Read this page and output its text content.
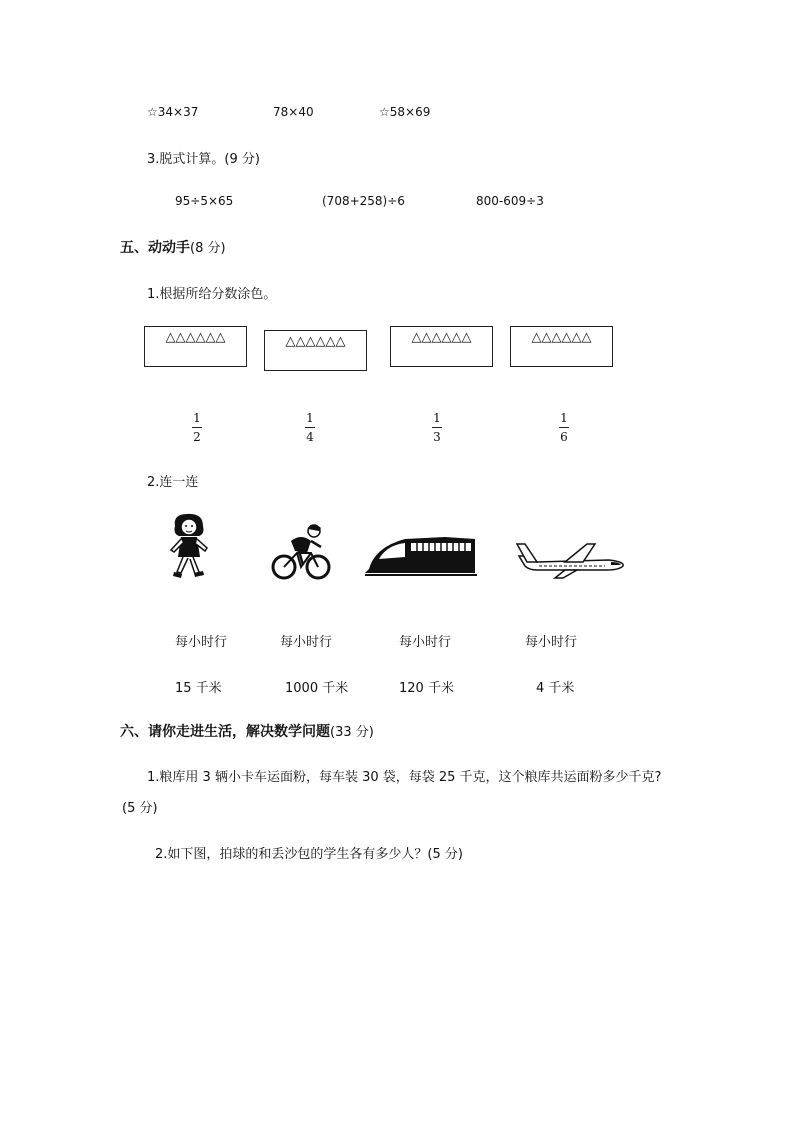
☆34×37	78×40	☆58×69
3.脱式计算。(9 分)
95÷5×65	(708+258)÷6	800-609÷3
五、动动手(8 分)
1.根据所给分数涂色。
△△△△△△	△△△△△△	△△△△△△	△△△△△△
1
2
1
4
1
3
1
6
2.连一连
每小时行	每小时行	每小时行	每小时行
15 千米	1000 千米	120 千米	4 千米
六、请你走进生活，解决数学问题(33 分)
1.粮库用 3 辆小卡车运面粉，每车装 30 袋，每袋 25 千克，这个粮库共运面粉多少千克?
(5 分)
2.如下图，拍球的和丢沙包的学生各有多少人？(5 分)
